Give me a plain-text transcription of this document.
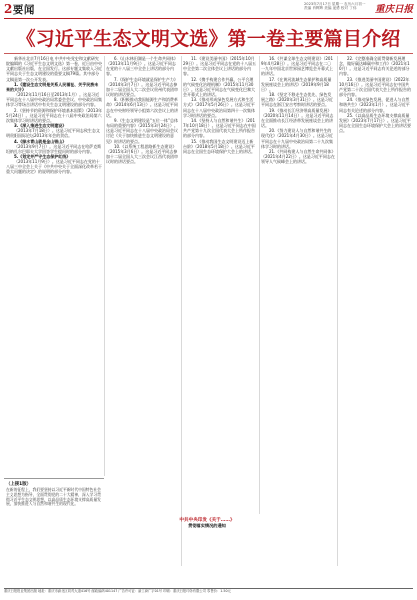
2要闻	2023年7月17日 星期一 农历六月初一 责编 肖辉辉 美编 庞勇 校对 丁伟	重庆日报
《习近平生态文明文选》第一卷主要篇目介绍

新华社北京7月16日电 中共中央党史和文献研究院编辑的《习近平生态文明文选》第一卷，近日由中央文献出版社出版，在全国发行。这部专题文集收入习近平同志关于生态文明建设的重要文稿79篇。其中部分文稿是第一次公开发表。

1.《建设生态文明是关系人民福祉、关乎民族未来的大计》

（2012年11月16日至2013年1月）。这是习近平同志在十八届中央政治局常委会会议、中央政治局集体学习等场合讲话中有关生态文明建设的部分内容。

2.《坚持节约资源和保护环境基本国策》（2013年5月24日）。这是习近平同志在十八届中央政治局第六次集体学习时讲话的要点。

3.《深入推进生态文明建设》

（2013年7月18日）。这是习近平同志致生态文明贵阳国际论坛2013年年会的贺信。

4.《绿水青山就是金山银山》

（2013年9月7日）。这是习近平同志在哈萨克斯坦纳扎尔巴耶夫大学回答学生提问时的部分内容。

5.《划定并严守生态保护红线》

（2013年11月9日）。这是习近平同志在党的十八届三中全会上关于《中共中央关于全面深化改革若干重大问题的决定》的说明的部分内容。

6.《山水林田湖是一个生命共同体》（2013年11月9日）。这是习近平同志在党的十八届三中全会上讲话的部分内容。

7.《保护生态环境就是保护生产力》（2014年3月7日）。这是习近平同志参加十二届全国人大二次会议贵州代表团审议时的讲话要点。

8.《积极推动我国能源生产和消费革命》（2014年6月13日）。这是习近平同志在中央财经领导小组第六次会议上的讲话。

9.《生态文明建设是“五位一体”总体布局的重要内容》（2015年3月24日）。这是习近平同志在十八届中央政治局会议讨论《关于加快推进生态文明建设的意见》时讲话的要点。

10.《以系统工程思路抓生态建设》（2015年3月6日）。这是习近平同志参加十二届全国人大三次会议江西代表团审议时的讲话要点。

11.《建设美丽中国》（2015年10月29日）。这是习近平同志在党的十八届五中全会第二次全体会议上讲话的部分内容。

12.《携手构建合作共赢、公平合理的气候变化治理机制》（2015年11月30日）。这是习近平同志在气候变化巴黎大会开幕式上的讲话。

13.《推动形成绿色发展方式和生活方式》（2017年5月26日）。这是习近平同志在十八届中央政治局第四十一次集体学习时讲话的要点。

14.《坚持人与自然和谐共生》（2017年10月18日）。这是习近平同志在中国共产党第十九次全国代表大会上所作报告的部分内容。

15.《推动我国生态文明建设迈上新台阶》（2018年5月18日）。这是习近平同志在全国生态环境保护大会上的讲话。

16.《共谋全球生态文明建设》（2019年4月28日）。这是习近平同志在二〇一九年中国北京世界园艺博览会开幕式上的讲话。

17.《在黄河流域生态保护和高质量发展座谈会上的讲话》（2019年9月18日）。

18.《坚定不移走生态优先、绿色发展之路》（2020年3月31日）。这是习近平同志在浙江安吉考察时讲话的要点。

19.《推动长江经济带高质量发展》（2020年11月14日）。这是习近平同志在全面推动长江经济带发展座谈会上的讲话。

20.《努力建设人与自然和谐共生的现代化》（2021年4月30日）。这是习近平同志在十九届中央政治局第二十九次集体学习时的讲话。

21.《共同构建人与自然生命共同体》（2021年4月22日）。这是习近平同志在领导人气候峰会上的讲话。

22.《完整准确全面贯彻新发展理念，做好碳达峰碳中和工作》（2021年10月）。这是习近平同志有关论述的部分内容。

23.《推进美丽中国建设》（2022年10月16日）。这是习近平同志在中国共产党第二十次全国代表大会上所作报告的部分内容。

24.《推动绿色发展，促进人与自然和谐共生》（2023年1月）。这是习近平同志有关论述的部分内容。

25.《以高品质生态环境支撑高质量发展》（2023年7月17日）。这是习近平同志在全国生态环境保护大会上的讲话要点。

（上接1版）
在新的征程上，我们要坚持以习近平新时代中国特色社会主义思想为指导，全面贯彻党的二十大精神，深入学习贯彻习近平生态文明思想，以高品质生态环境支撑高质量发展，加快推进人与自然和谐共生的现代化。
中共中央印发《关于……》
贯彻落实情况的通知
重庆日报报业集团出版 地址：重庆市渝北区同茂大道416号 邮政编码401147 广告许可证：渝工商广字01号 印刷：重庆日报印务有限公司 零售价：1.50元
